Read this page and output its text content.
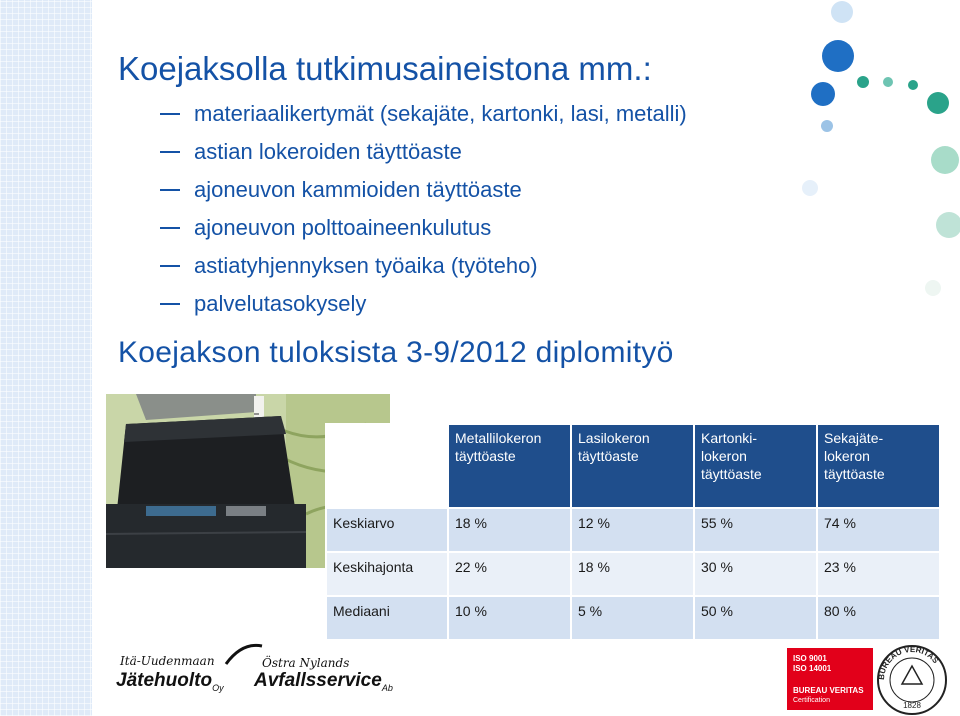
Koejaksolla tutkimusaineistona mm.:
materiaalikertymät (sekajäte, kartonki, lasi, metalli)
astian lokeroiden täyttöaste
ajoneuvon kammioiden täyttöaste
ajoneuvon polttoaineenkulutus
astiatyhjennyksen työaika (työteho)
palvelutasokysely
Koejakson tuloksista 3-9/2012 diplomityö
	Metallilokeron
täyttöaste	Lasilokeron
täyttöaste	Kartonki-
lokeron
täyttöaste	Sekajäte-
lokeron
täyttöaste
Keskiarvo	18 %	12 %	55 %	74 %
Keskihajonta	22 %	18 %	30 %	23 %
Mediaani	10 %	5 %	50 %	80 %
Itä-Uudenmaan
Jätehuolto$_{Oy}$
Östra Nylands
Avfallsservice$_{Ab}$
ISO 9001
ISO 14001
BUREAU VERITAS
Certification
BUREAU VERITAS
1828
